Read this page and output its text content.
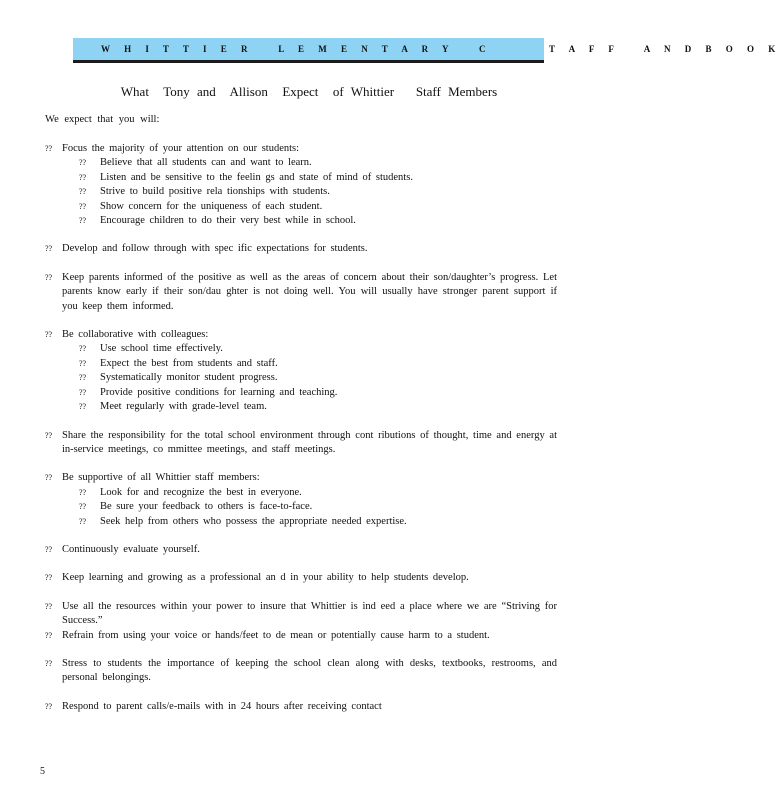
W H I T T I E R   L E M E N T A R Y   C       T A F F   A N D B O O K
What  Tony and  Allison  Expect  of Whittier   Staff Members
We expect that you will:
?? Focus the majority of your attention on our students:

?? Believe that all students can and want to learn.
?? Listen and be sensitive to the feelin gs and state of mind of students.
?? Strive to build positive rela tionships with students.
?? Show concern for the uniqueness of each student.
?? Encourage children to do their very best while in school.
?? Develop and follow through with spec ific expectations for students.

?? Keep parents informed of the positive as well as the areas of concern about their son/daughter’s progress. Let parents know early if their son/dau ghter is not doing well. You will usually have stronger parent support if you keep them informed.

?? Be collaborative with colleagues:

?? Use school time effectively.
?? Expect the best from students and staff.
?? Systematically monitor student progress.
?? Provide positive conditions for learning and teaching.
?? Meet regularly with grade-level team.
?? Share the responsibility for the total school environment through cont ributions of thought, time and energy at in-service meetings, co mmittee meetings, and staff meetings.

?? Be supportive of all Whittier staff members:

?? Look for and recognize the best in everyone.
?? Be sure your feedback to others is face-to-face.
?? Seek help from others who possess the appropriate needed expertise.
?? Continuously evaluate yourself.

?? Keep learning and growing as a professional an d in your ability to help students develop.

?? Use all the resources within your power to insure that Whittier is ind eed a place where we are “Striving for Success.”

?? Refrain from using your voice or hands/feet to de mean or potentially cause harm to a student.

?? Stress to students the importance of keeping the school clean along with desks, textbooks, restrooms, and personal belongings.

?? Respond to parent calls/e-mails with in 24 hours after receiving contact

5
